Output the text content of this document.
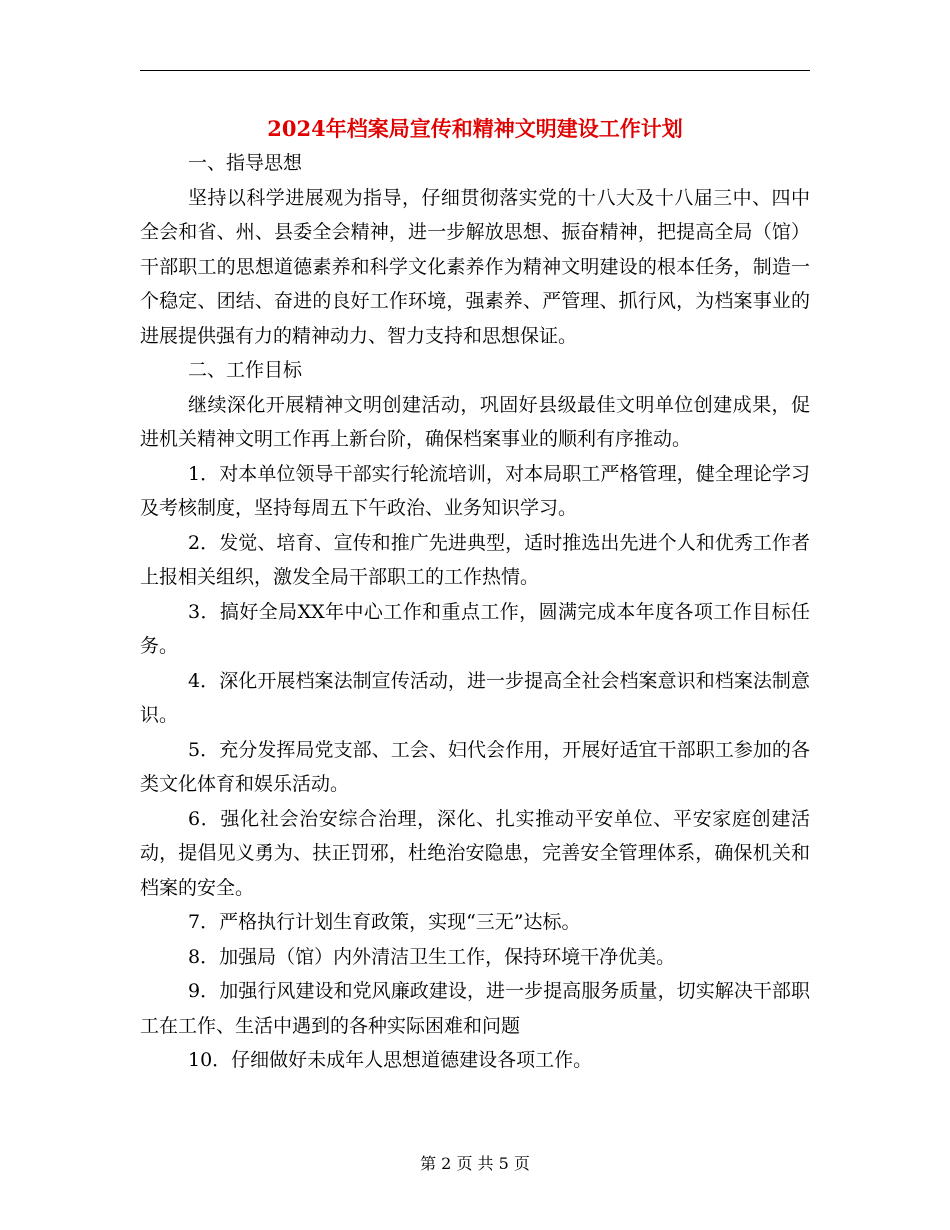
2024年档案局宣传和精神文明建设工作计划

一、指导思想

坚持以科学进展观为指导，仔细贯彻落实党的十八大及十八届三中、四中全会和省、州、县委全会精神，进一步解放思想、振奋精神，把提高全局（馆）干部职工的思想道德素养和科学文化素养作为精神文明建设的根本任务，制造一个稳定、团结、奋进的良好工作环境，强素养、严管理、抓行风，为档案事业的进展提供强有力的精神动力、智力支持和思想保证。

二、工作目标

继续深化开展精神文明创建活动，巩固好县级最佳文明单位创建成果，促进机关精神文明工作再上新台阶，确保档案事业的顺利有序推动。

1．对本单位领导干部实行轮流培训，对本局职工严格管理，健全理论学习及考核制度，坚持每周五下午政治、业务知识学习。

2．发觉、培育、宣传和推广先进典型，适时推选出先进个人和优秀工作者上报相关组织，激发全局干部职工的工作热情。

3．搞好全局XX年中心工作和重点工作，圆满完成本年度各项工作目标任务。

4．深化开展档案法制宣传活动，进一步提高全社会档案意识和档案法制意识。

5．充分发挥局党支部、工会、妇代会作用，开展好适宜干部职工参加的各类文化体育和娱乐活动。

6．强化社会治安综合治理，深化、扎实推动平安单位、平安家庭创建活动，提倡见义勇为、扶正罚邪，杜绝治安隐患，完善安全管理体系，确保机关和档案的安全。

7．严格执行计划生育政策，实现“三无”达标。

8．加强局（馆）内外清洁卫生工作，保持环境干净优美。

9．加强行风建设和党风廉政建设，进一步提高服务质量，切实解决干部职工在工作、生活中遇到的各种实际困难和问题

10．仔细做好未成年人思想道德建设各项工作。

第 2 页 共 5 页
